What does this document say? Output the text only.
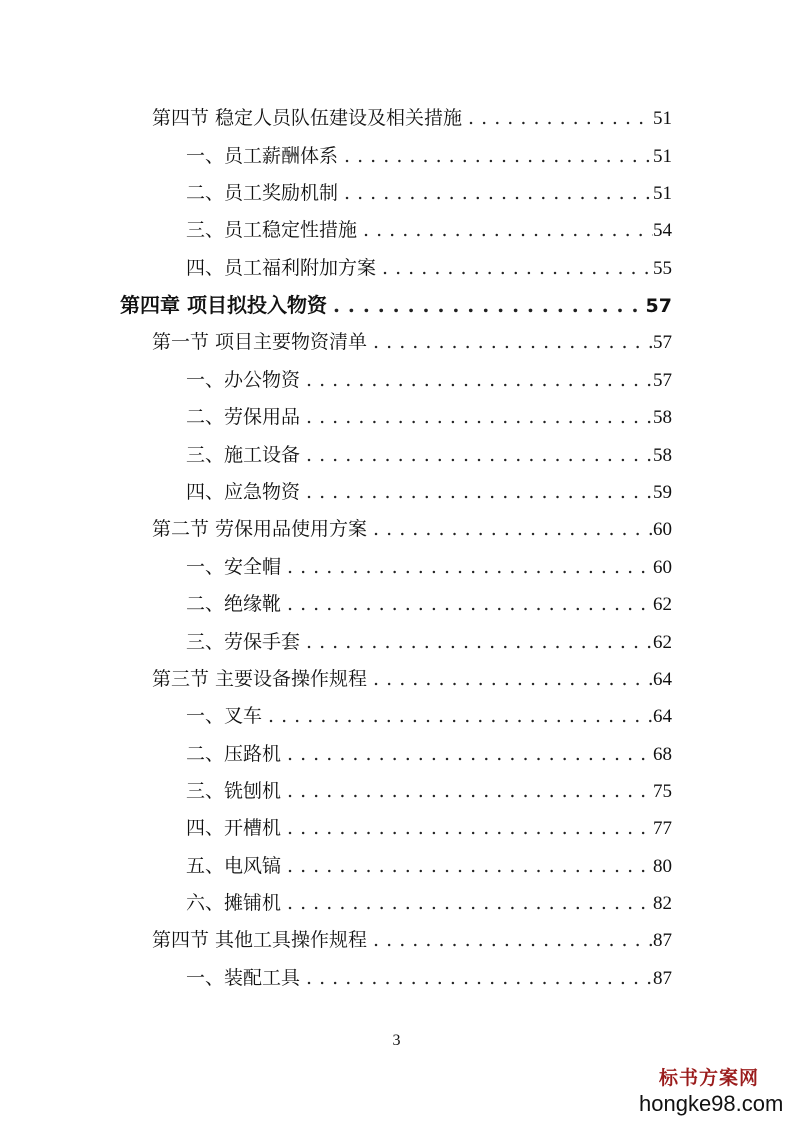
第四节 稳定人员队伍建设及相关措施 . . .	51
一、员工薪酬体系 . . .	51
二、员工奖励机制 . . .	51
三、员工稳定性措施 . . .	54
四、员工福利附加方案 . . .	55
第四章 项目拟投入物资 . . .	57
第一节 项目主要物资清单 . . .	57
一、办公物资 . . .	57
二、劳保用品 . . .	58
三、施工设备 . . .	58
四、应急物资 . . .	59
第二节 劳保用品使用方案 . . .	60
一、安全帽 . . .	60
二、绝缘靴 . . .	62
三、劳保手套 . . .	62
第三节 主要设备操作规程 . . .	64
一、叉车 . . .	64
二、压路机 . . .	68
三、铣刨机 . . .	75
四、开槽机 . . .	77
五、电风镐 . . .	80
六、摊铺机 . . .	82
第四节 其他工具操作规程 . . .	87
一、装配工具 . . .	87
3
标书方案网
hongke98.com
